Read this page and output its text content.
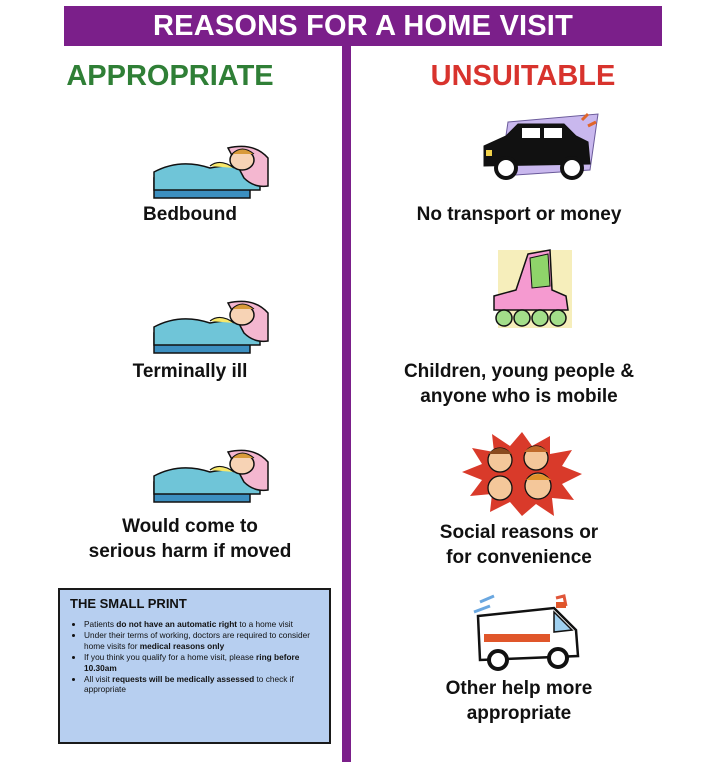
REASONS FOR A HOME VISIT
APPROPRIATE	UNSUITABLE
Bedbound
Terminally ill
Would come to
serious harm if moved
THE SMALL PRINT
• Patients do not have an automatic right to a home visit
• Under their terms of working, doctors are required to consider home visits for medical reasons only
• If you think you qualify for a home visit, please ring before 10.30am
• All visit requests will be medically assessed to check if appropriate
No transport or money
Children, young people &
anyone who is mobile
Social reasons or
for convenience
Other help more
appropriate
